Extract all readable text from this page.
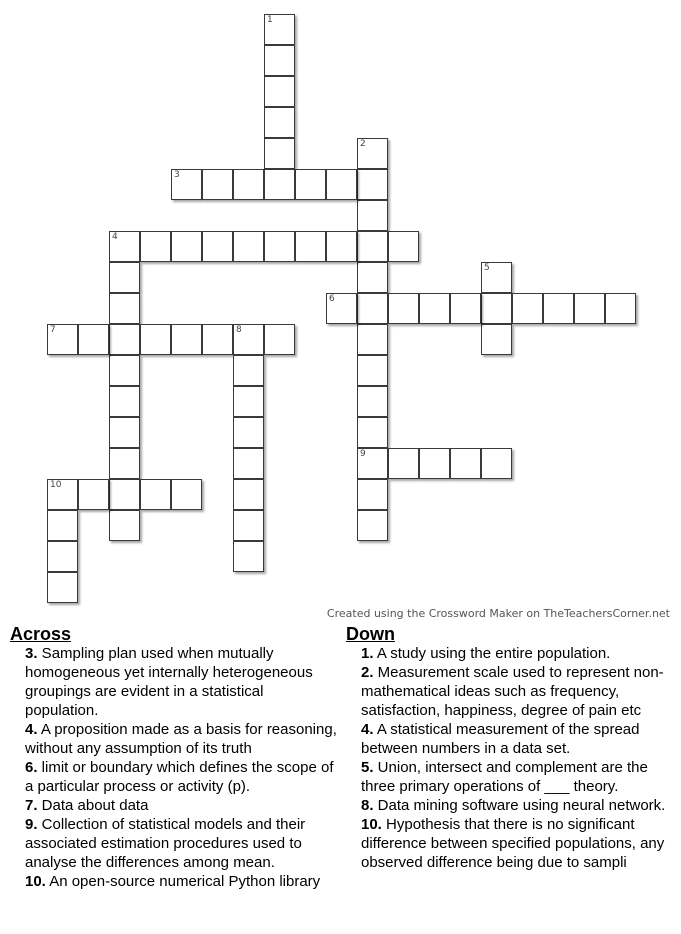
1
2
9
3
4
5
6
7	8
10
Created using the Crossword Maker on TheTeachersCorner.net
Across

3. Sampling plan used when mutually homogeneous yet internally heterogeneous groupings are evident in a statistical population.

4. A proposition made as a basis for reasoning, without any assumption of its truth

6. limit or boundary which defines the scope of a particular process or activity (p).

7. Data about data

9. Collection of statistical models and their associated estimation procedures used to analyse the differences among mean.

10. An open-source numerical Python library

Down

1. A study using the entire population.

2. Measurement scale used to represent non-mathematical ideas such as frequency, satisfaction, happiness, degree of pain etc

4. A statistical measurement of the spread between numbers in a data set.

5. Union, intersect and complement are the three primary operations of ___ theory.

8. Data mining software using neural network.

10. Hypothesis that there is no significant difference between specified populations, any observed difference being due to sampli
